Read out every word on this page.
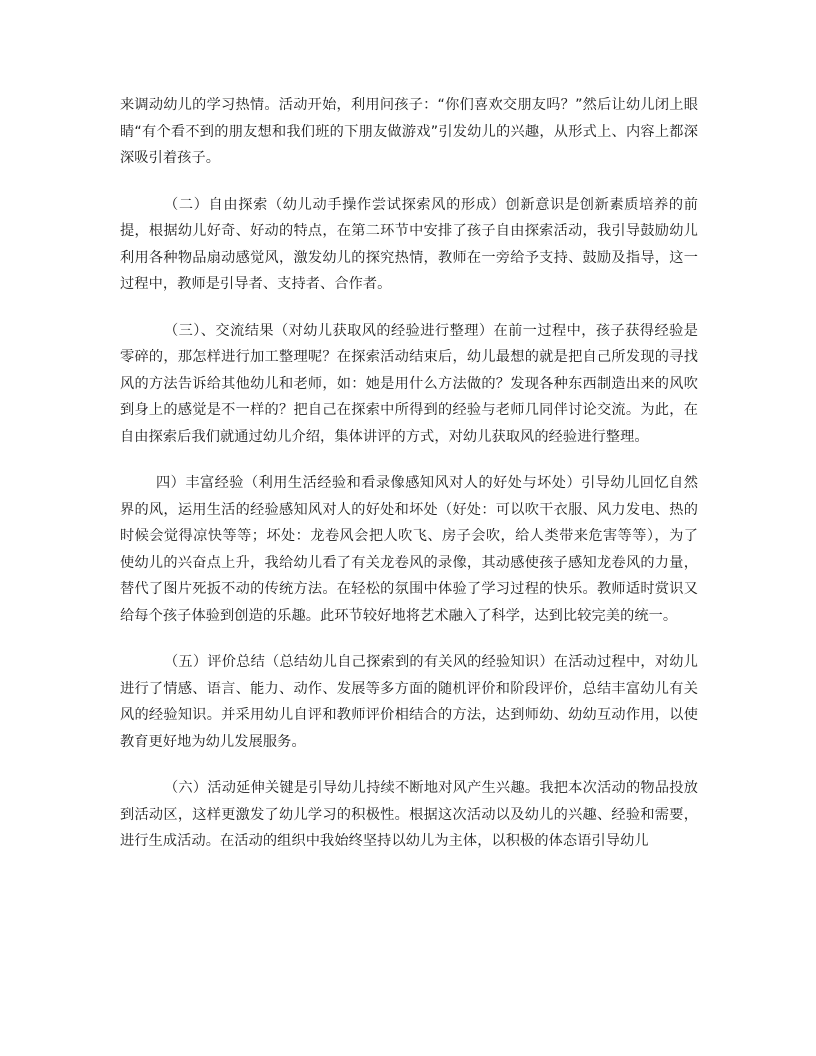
来调动幼儿的学习热情。活动开始，利用问孩子：“你们喜欢交朋友吗？”然后让幼儿闭上眼睛“有个看不到的朋友想和我们班的下朋友做游戏”引发幼儿的兴趣，从形式上、内容上都深深吸引着孩子。

（二）自由探索（幼儿动手操作尝试探索风的形成）创新意识是创新素质培养的前提，根据幼儿好奇、好动的特点，在第二环节中安排了孩子自由探索活动，我引导鼓励幼儿利用各种物品扇动感觉风，激发幼儿的探究热情，教师在一旁给予支持、鼓励及指导，这一过程中，教师是引导者、支持者、合作者。

（三）、交流结果（对幼儿获取风的经验进行整理）在前一过程中，孩子获得经验是零碎的，那怎样进行加工整理呢？在探索活动结束后，幼儿最想的就是把自己所发现的寻找风的方法告诉给其他幼儿和老师，如：她是用什么方法做的？发现各种东西制造出来的风吹到身上的感觉是不一样的？把自己在探索中所得到的经验与老师几同伴讨论交流。为此，在自由探索后我们就通过幼儿介绍，集体讲评的方式，对幼儿获取风的经验进行整理。

四）丰富经验（利用生活经验和看录像感知风对人的好处与坏处）引导幼儿回忆自然界的风，运用生活的经验感知风对人的好处和坏处（好处：可以吹干衣服、风力发电、热的时候会觉得凉快等等；坏处：龙卷风会把人吹飞、房子会吹，给人类带来危害等等），为了使幼儿的兴奋点上升，我给幼儿看了有关龙卷风的录像，其动感使孩子感知龙卷风的力量，替代了图片死扳不动的传统方法。在轻松的氛围中体验了学习过程的快乐。教师适时赏识又给每个孩子体验到创造的乐趣。此环节较好地将艺术融入了科学，达到比较完美的统一。

（五）评价总结（总结幼儿自己探索到的有关风的经验知识）在活动过程中，对幼儿进行了情感、语言、能力、动作、发展等多方面的随机评价和阶段评价，总结丰富幼儿有关风的经验知识。并采用幼儿自评和教师评价相结合的方法，达到师幼、幼幼互动作用，以使教育更好地为幼儿发展服务。

（六）活动延伸关键是引导幼儿持续不断地对风产生兴趣。我把本次活动的物品投放到活动区，这样更激发了幼儿学习的积极性。根据这次活动以及幼儿的兴趣、经验和需要，进行生成活动。在活动的组织中我始终坚持以幼儿为主体，以积极的体态语引导幼儿
